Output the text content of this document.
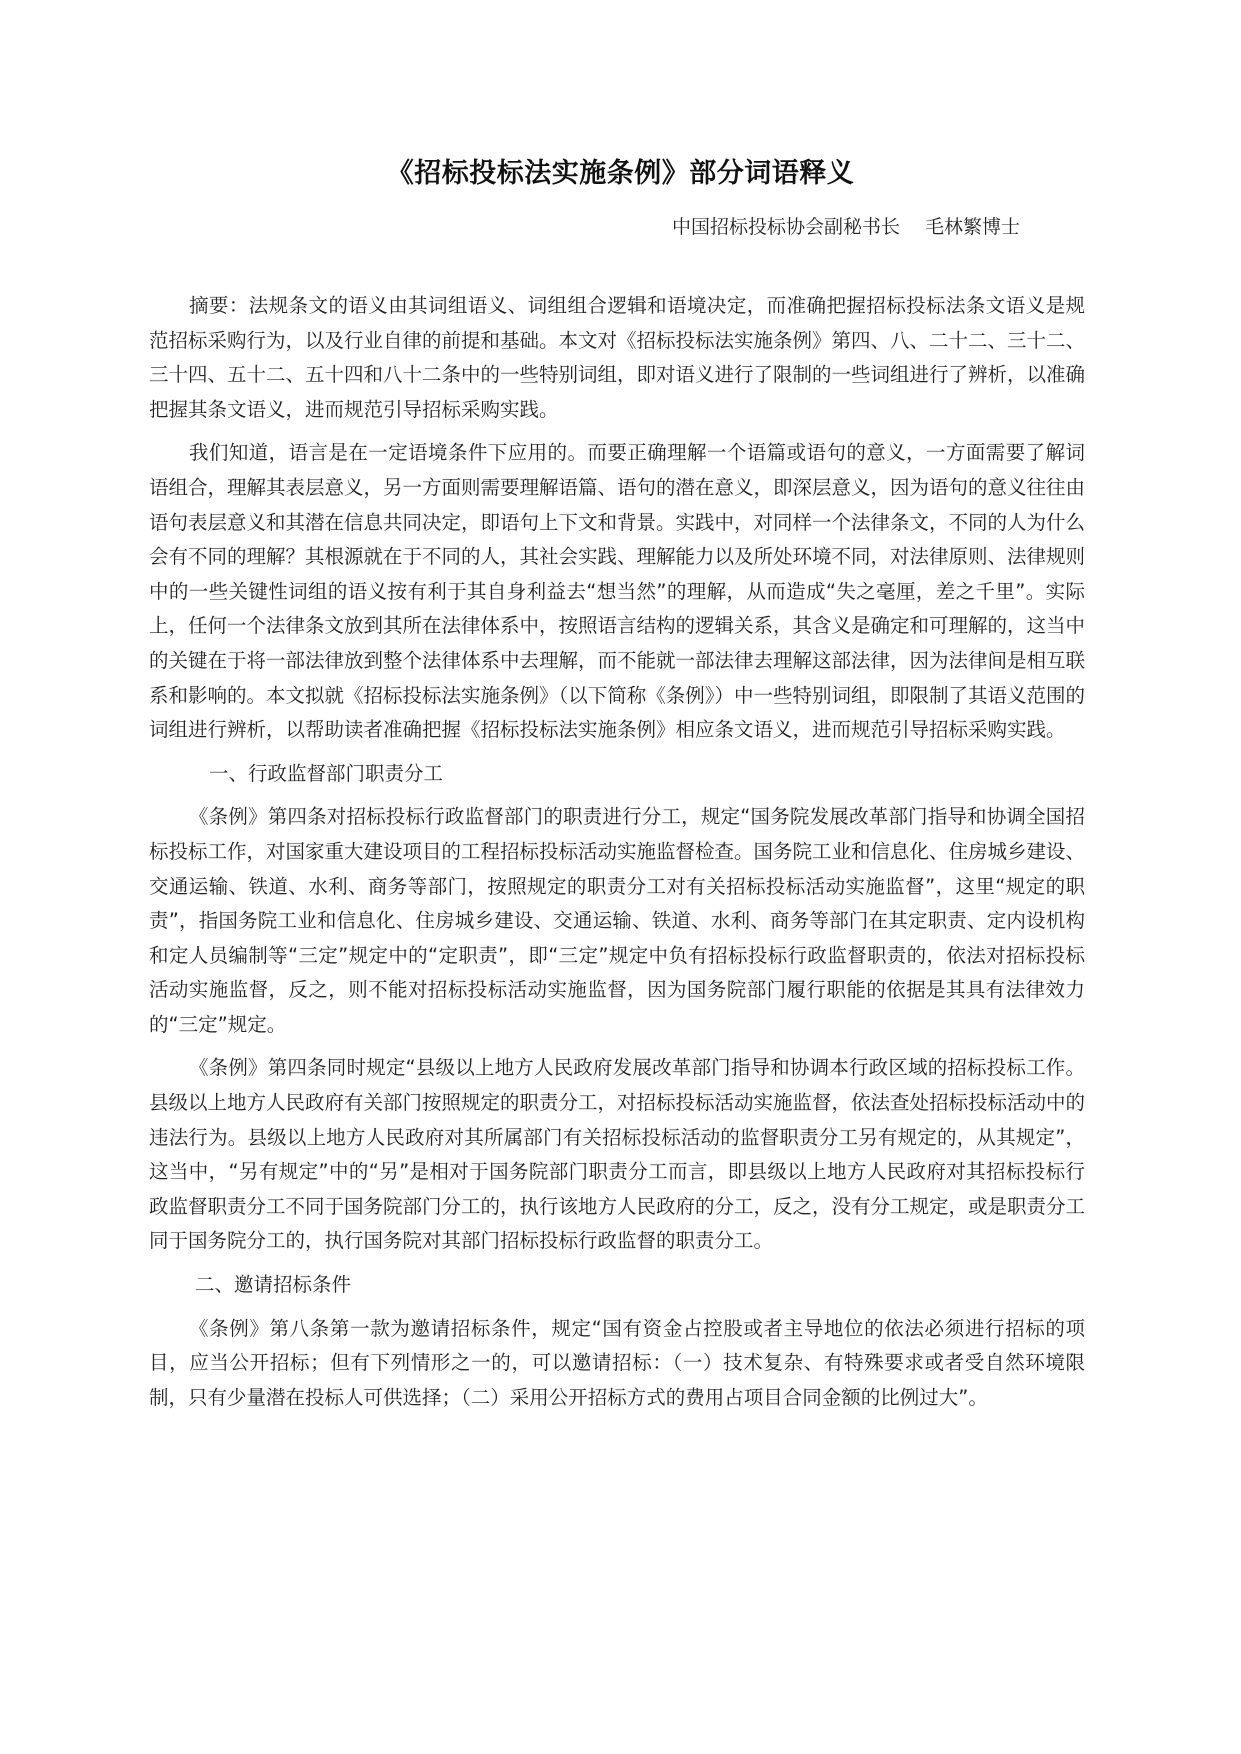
《招标投标法实施条例》部分词语释义
中国招标投标协会副秘书长　 毛林繁博士

摘要：法规条文的语义由其词组语义、词组组合逻辑和语境决定，而准确把握招标投标法条文语义是规范招标采购行为，以及行业自律的前提和基础。本文对《招标投标法实施条例》第四、八、二十二、三十二、三十四、五十二、五十四和八十二条中的一些特别词组，即对语义进行了限制的一些词组进行了辨析，以准确把握其条文语义，进而规范引导招标采购实践。

我们知道，语言是在一定语境条件下应用的。而要正确理解一个语篇或语句的意义，一方面需要了解词语组合，理解其表层意义，另一方面则需要理解语篇、语句的潜在意义，即深层意义，因为语句的意义往往由语句表层意义和其潜在信息共同决定，即语句上下文和背景。实践中，对同样一个法律条文，不同的人为什么会有不同的理解？其根源就在于不同的人，其社会实践、理解能力以及所处环境不同，对法律原则、法律规则中的一些关键性词组的语义按有利于其自身利益去“想当然”的理解，从而造成“失之毫厘，差之千里”。实际上，任何一个法律条文放到其所在法律体系中，按照语言结构的逻辑关系，其含义是确定和可理解的，这当中的关键在于将一部法律放到整个法律体系中去理解，而不能就一部法律去理解这部法律，因为法律间是相互联系和影响的。本文拟就《招标投标法实施条例》（以下简称《条例》）中一些特别词组，即限制了其语义范围的词组进行辨析，以帮助读者准确把握《招标投标法实施条例》相应条文语义，进而规范引导招标采购实践。

一、行政监督部门职责分工

《条例》第四条对招标投标行政监督部门的职责进行分工，规定“国务院发展改革部门指导和协调全国招标投标工作，对国家重大建设项目的工程招标投标活动实施监督检查。国务院工业和信息化、住房城乡建设、交通运输、铁道、水利、商务等部门，按照规定的职责分工对有关招标投标活动实施监督”，这里“规定的职责”，指国务院工业和信息化、住房城乡建设、交通运输、铁道、水利、商务等部门在其定职责、定内设机构和定人员编制等“三定”规定中的“定职责”，即“三定”规定中负有招标投标行政监督职责的，依法对招标投标活动实施监督，反之，则不能对招标投标活动实施监督，因为国务院部门履行职能的依据是其具有法律效力的“三定”规定。

《条例》第四条同时规定“县级以上地方人民政府发展改革部门指导和协调本行政区域的招标投标工作。县级以上地方人民政府有关部门按照规定的职责分工，对招标投标活动实施监督，依法查处招标投标活动中的违法行为。县级以上地方人民政府对其所属部门有关招标投标活动的监督职责分工另有规定的，从其规定”，这当中，“另有规定”中的“另”是相对于国务院部门职责分工而言，即县级以上地方人民政府对其招标投标行政监督职责分工不同于国务院部门分工的，执行该地方人民政府的分工，反之，没有分工规定，或是职责分工同于国务院分工的，执行国务院对其部门招标投标行政监督的职责分工。

二、邀请招标条件

《条例》第八条第一款为邀请招标条件，规定“国有资金占控股或者主导地位的依法必须进行招标的项目，应当公开招标；但有下列情形之一的，可以邀请招标：（一）技术复杂、有特殊要求或者受自然环境限制，只有少量潜在投标人可供选择；（二）采用公开招标方式的费用占项目合同金额的比例过大”。
